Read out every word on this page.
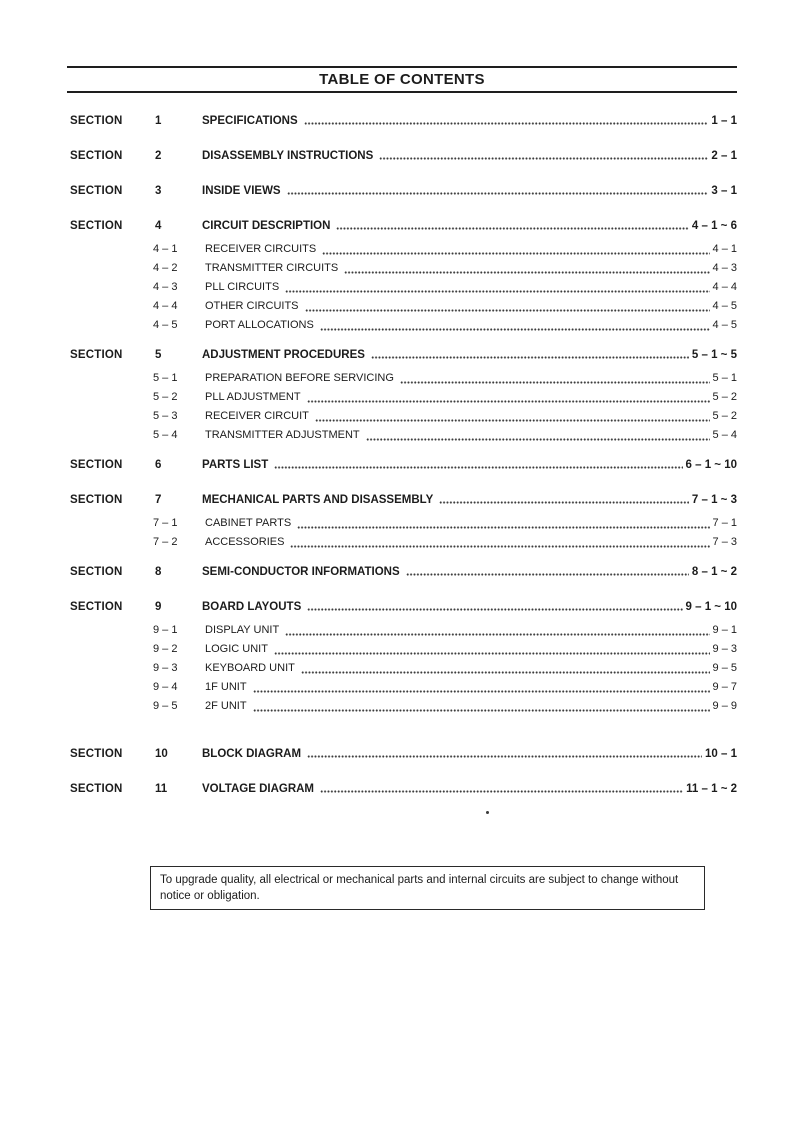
TABLE OF CONTENTS
SECTION	1	SPECIFICATIONS	1 – 1
SECTION	2	DISASSEMBLY INSTRUCTIONS	2 – 1
SECTION	3	INSIDE VIEWS	3 – 1
SECTION	4	CIRCUIT DESCRIPTION	4 – 1 ~ 6
4 – 1	RECEIVER CIRCUITS	4 – 1
4 – 2	TRANSMITTER CIRCUITS	4 – 3
4 – 3	PLL CIRCUITS	4 – 4
4 – 4	OTHER CIRCUITS	4 – 5
4 – 5	PORT ALLOCATIONS	4 – 5
SECTION	5	ADJUSTMENT PROCEDURES	5 – 1 ~ 5
5 – 1	PREPARATION BEFORE SERVICING	5 – 1
5 – 2	PLL ADJUSTMENT	5 – 2
5 – 3	RECEIVER CIRCUIT	5 – 2
5 – 4	TRANSMITTER ADJUSTMENT	5 – 4
SECTION	6	PARTS LIST	6 – 1 ~ 10
SECTION	7	MECHANICAL PARTS AND DISASSEMBLY	7 – 1 ~ 3
7 – 1	CABINET PARTS	7 – 1
7 – 2	ACCESSORIES	7 – 3
SECTION	8	SEMI-CONDUCTOR INFORMATIONS	8 – 1 ~ 2
SECTION	9	BOARD LAYOUTS	9 – 1 ~ 10
9 – 1	DISPLAY UNIT	9 – 1
9 – 2	LOGIC UNIT	9 – 3
9 – 3	KEYBOARD UNIT	9 – 5
9 – 4	1F UNIT	9 – 7
9 – 5	2F UNIT	9 – 9
SECTION	10	BLOCK DIAGRAM	10 – 1
SECTION	11	VOLTAGE DIAGRAM	11 – 1 ~ 2
To upgrade quality, all electrical or mechanical parts and internal circuits are subject to change without notice or obligation.
